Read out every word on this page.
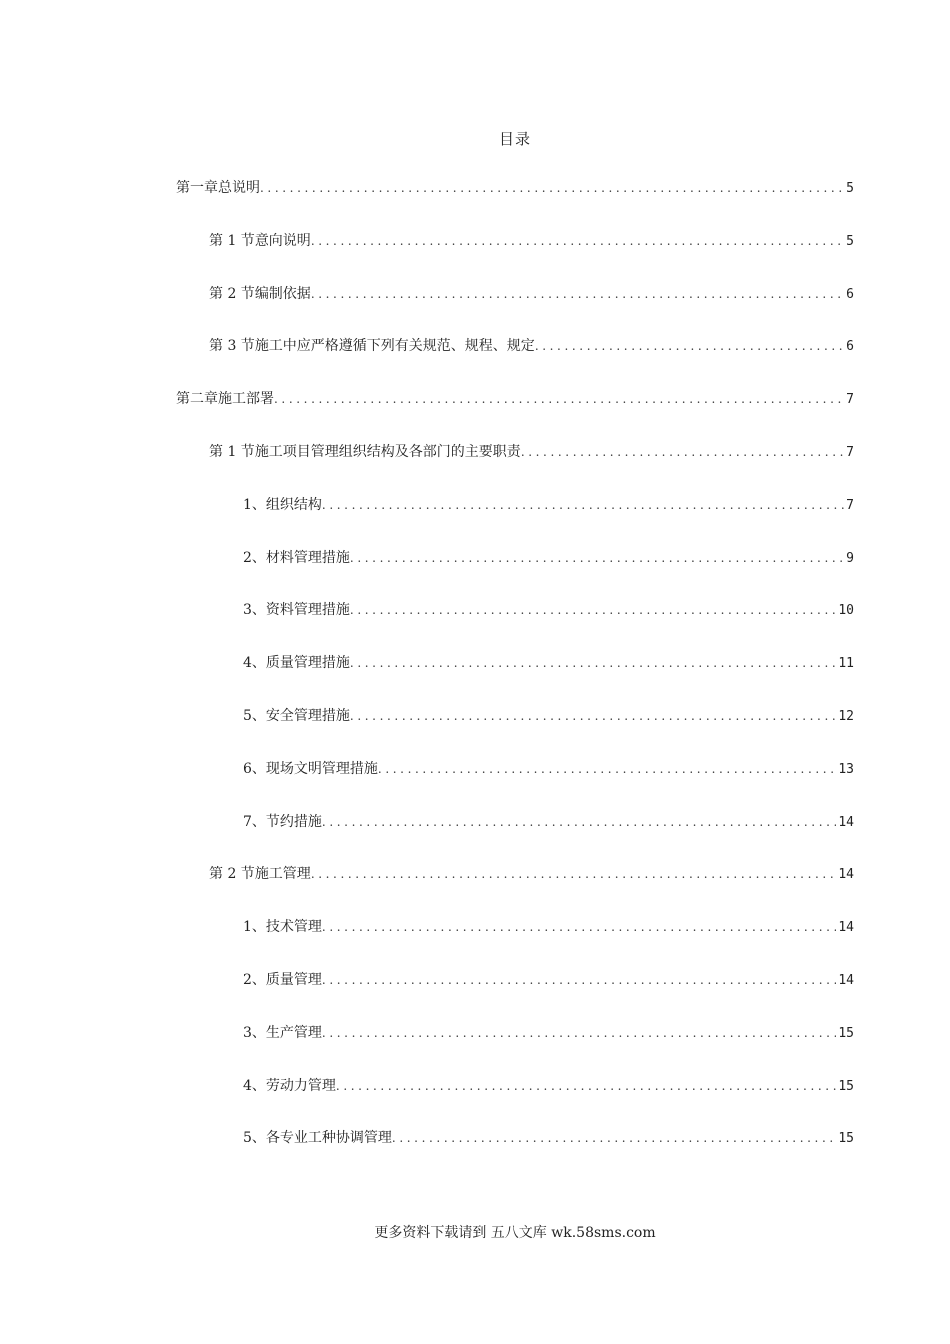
目录
第一章 总说明 .....	5
第 1 节 意向说明 .....	5
第 2 节 编制依据 .....	6
第 3 节 施工中应严格遵循下列有关规范、规程、规定 .....	6
第二章 施工部署 .....	7
第 1 节 施工项目管理组织结构及各部门的主要职责 .....	7
1、 组织结构 .....	7
2、 材料管理措施 .....	9
3、 资料管理措施 .....	10
4、 质量管理措施 .....	11
5、 安全管理措施 .....	12
6、 现场文明管理措施 .....	13
7、 节约措施 .....	14
第 2 节 施工管理 .....	14
1、 技术管理 .....	14
2、 质量管理 .....	14
3、 生产管理 .....	15
4、 劳动力管理 .....	15
5、 各专业工种协调管理 .....	15
更多资料下载请到 五八文库 wk.58sms.com
